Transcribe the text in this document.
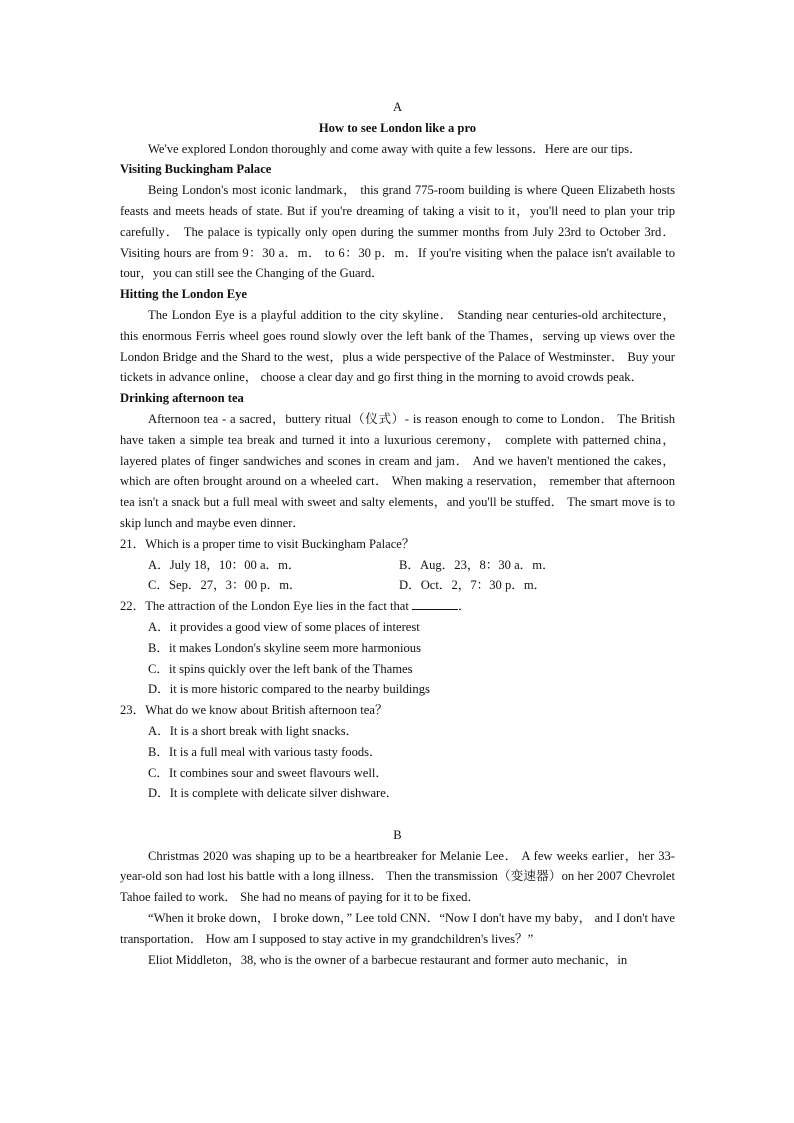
A
How to see London like a pro

We've explored London thoroughly and come away with quite a few lessons．Here are our tips．

Visiting Buckingham Palace

Being London's most iconic landmark， this grand 775-room building is where Queen Elizabeth hosts feasts and meets heads of state. But if you're dreaming of taking a visit to it，you'll need to plan your trip carefully． The palace is typically only open during the summer months from July 23rd to October 3rd． Visiting hours are from 9：30 a．m． to 6：30 p．m．If you're visiting when the palace isn't available to tour，you can still see the Changing of the Guard．

Hitting the London Eye

The London Eye is a playful addition to the city skyline． Standing near centuries-old architecture，this enormous Ferris wheel goes round slowly over the left bank of the Thames，serving up views over the London Bridge and the Shard to the west，plus a wide perspective of the Palace of Westminster． Buy your tickets in advance online， choose a clear day and go first thing in the morning to avoid crowds peak．

Drinking afternoon tea

Afternoon tea - a sacred，buttery ritual（仪式）- is reason enough to come to London． The British have taken a simple tea break and turned it into a luxurious ceremony， complete with patterned china， layered plates of finger sandwiches and scones in cream and jam． And we haven't mentioned the cakes，which are often brought around on a wheeled cart． When making a reservation， remember that afternoon tea isn't a snack but a full meal with sweet and salty elements，and you'll be stuffed． The smart move is to skip lunch and maybe even dinner．

21．Which is a proper time to visit Buckingham Palace？

A．July 18，10：00 a．m．	B．Aug．23，8：30 a．m．
C．Sep．27，3：00 p．m．	D．Oct．2，7：30 p．m．

22．The attraction of the London Eye lies in the fact that	．

A．it provides a good view of some places of interest

B．it makes London's skyline seem more harmonious

C．it spins quickly over the left bank of the Thames

D．it is more historic compared to the nearby buildings

23．What do we know about British afternoon tea？

A．It is a short break with light snacks．

B．It is a full meal with various tasty foods．

C．It combines sour and sweet flavours well．

D．It is complete with delicate silver dishware．

B

Christmas 2020 was shaping up to be a heartbreaker for Melanie Lee． A few weeks earlier，her 33-year-old son had lost his battle with a long illness． Then the transmission（变速器）on her 2007 Chevrolet Tahoe failed to work． She had no means of paying for it to be fixed．

“When it broke down， I broke down，” Lee told CNN．“Now I don't have my baby， and I don't have transportation． How am I supposed to stay active in my grandchildren's lives？”

Eliot Middleton，38, who is the owner of a barbecue restaurant and former auto mechanic，in
